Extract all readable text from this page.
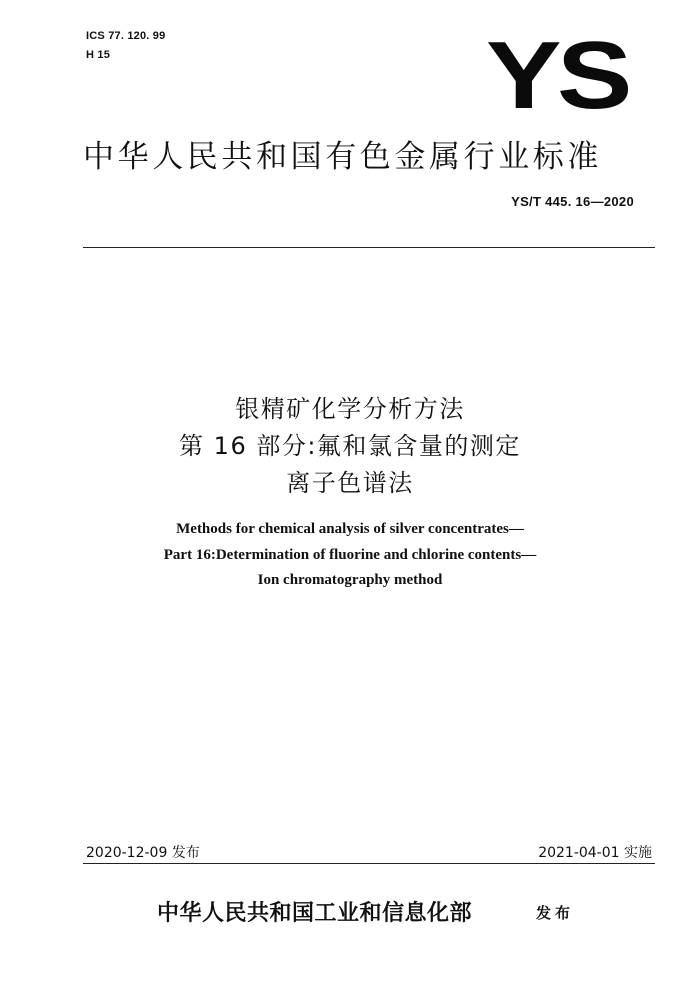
ICS 77. 120. 99
H 15	YS
中华人民共和国有色金属行业标准
YS/T 445. 16—2020
银精矿化学分析方法
第 16 部分:氟和氯含量的测定
离子色谱法
Methods for chemical analysis of silver concentrates—
Part 16:Determination of fluorine and chlorine contents—
Ion chromatography method
2020-12-09 发布	2021-04-01 实施
中华人民共和国工业和信息化部	发布
